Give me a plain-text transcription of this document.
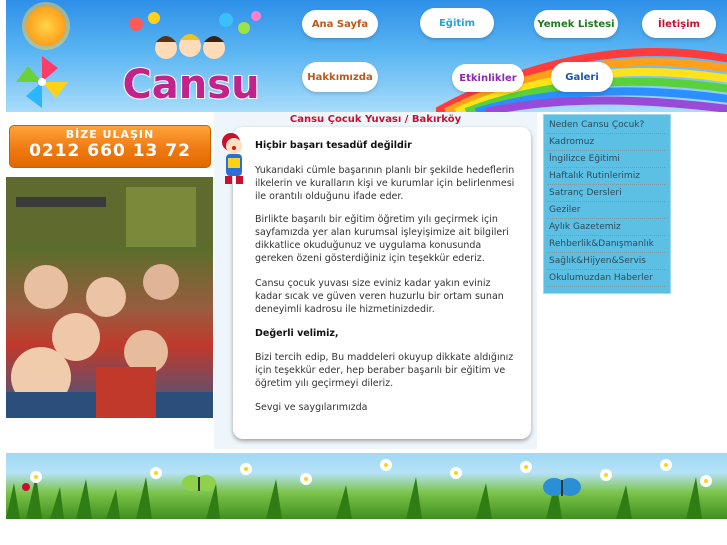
Cansu
Ana Sayfa	Eğitim	Yemek Listesi	İletişim
Hakkımızda	Etkinlikler	Galeri
BİZE ULAŞIN
0212 660 13 72
Cansu Çocuk Yuvası / Bakırköy

Hiçbir başarı tesadüf değildir

Yukarıdaki cümle başarının planlı bir şekilde hedeflerin ilkelerin ve kuralların kişi ve kurumlar için belirlenmesi ile orantılı olduğunu ifade eder.

Birlikte başarılı bir eğitim öğretim yılı geçirmek için sayfamızda yer alan kurumsal işleyişimize ait bilgileri dikkatlice okuduğunuz ve uygulama konusunda gereken özeni gösterdiğiniz için teşekkür ederiz.

Cansu çocuk yuvası size eviniz kadar yakın eviniz kadar sıcak ve güven veren huzurlu bir ortam sunan deneyimli kadrosu ile hizmetinizdedir.

Değerli velimiz,

Bizi tercih edip, Bu maddeleri okuyup dikkate aldığınız için teşekkür eder, hep beraber başarılı bir eğitim ve öğretim yılı geçirmeyi dileriz.

Sevgi ve saygılarımızda

Neden Cansu Çocuk?
Kadromuz
İngilizce Eğitimi
Haftalık Rutinlerimiz
Satranç Dersleri
Geziler
Aylık Gazetemiz
Rehberlik&Danışmanlık
Sağlık&Hijyen&Servis
Okulumuzdan Haberler
